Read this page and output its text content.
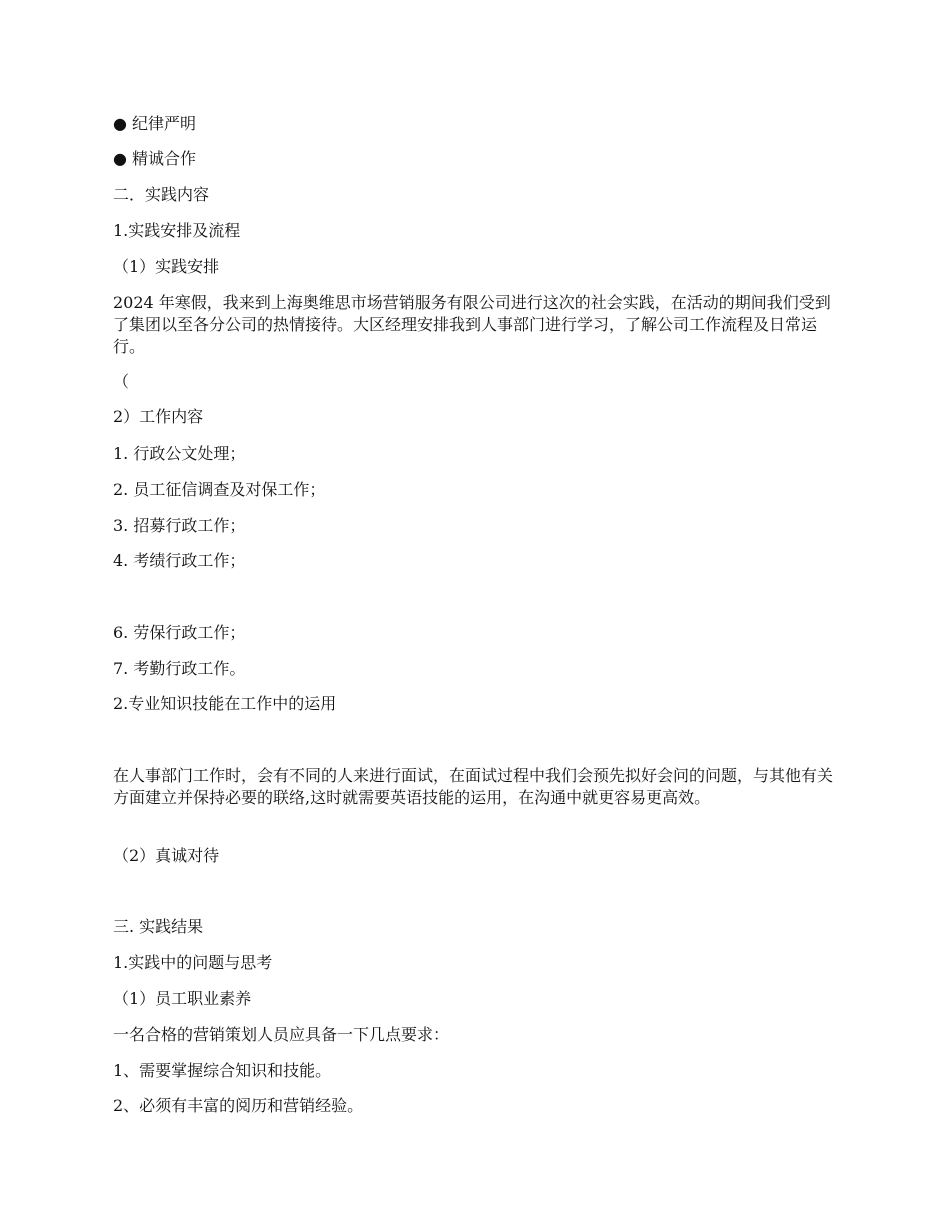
● 纪律严明
● 精诚合作
二．实践内容
1.实践安排及流程
（1）实践安排
2024 年寒假，我来到上海奥维思市场营销服务有限公司进行这次的社会实践，在活动的期间我们受到了集团以至各分公司的热情接待。大区经理安排我到人事部门进行学习，了解公司工作流程及日常运行。
（
2）工作内容
1. 行政公文处理；
2. 员工征信调查及对保工作；
3. 招募行政工作；
4. 考绩行政工作；
6. 劳保行政工作；
7. 考勤行政工作。
2.专业知识技能在工作中的运用
在人事部门工作时，会有不同的人来进行面试，在面试过程中我们会预先拟好会问的问题，与其他有关方面建立并保持必要的联络,这时就需要英语技能的运用，在沟通中就更容易更高效。
（2）真诚对待
三. 实践结果
1.实践中的问题与思考
（1）员工职业素养
一名合格的营销策划人员应具备一下几点要求：
1、需要掌握综合知识和技能。
2、必须有丰富的阅历和营销经验。
